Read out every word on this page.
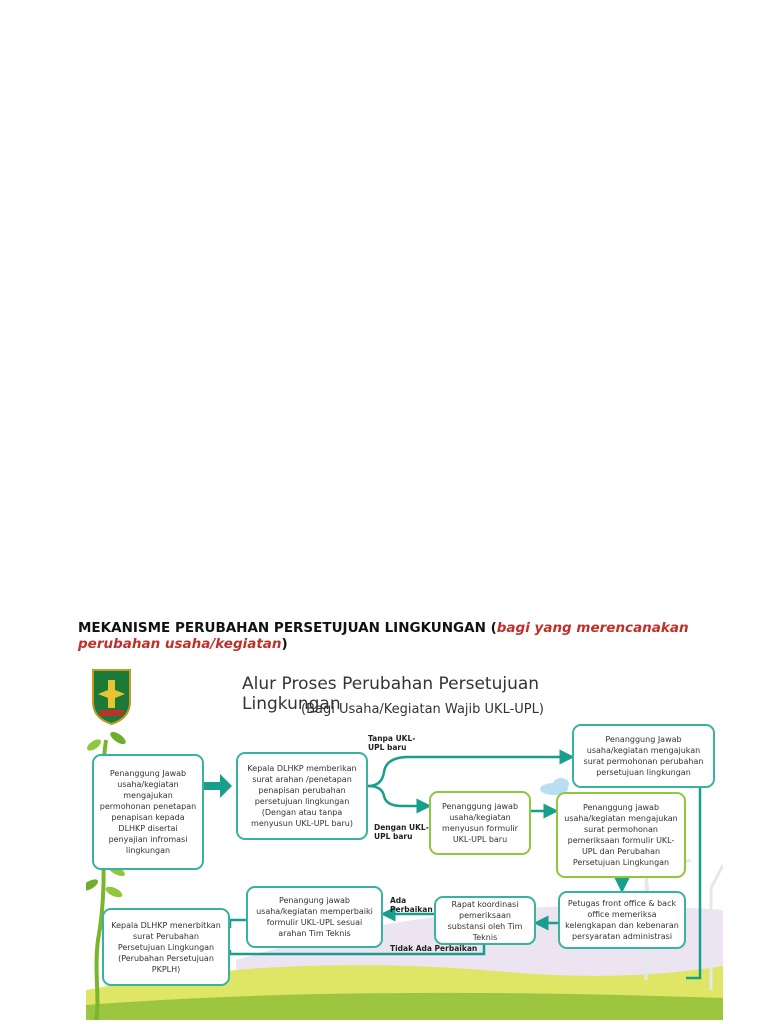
MEKANISME PERUBAHAN PERSETUJUAN LINGKUNGAN (bagi yang merencanakan perubahan usaha/kegiatan)
Alur Proses Perubahan Persetujuan Lingkungan
(Bagi Usaha/Kegiatan Wajib UKL-UPL)
Penanggung Jawab usaha/kegiatan mengajukan permohonan penetapan penapisan kepada DLHKP disertai penyajian infromasi lingkungan
Kepala DLHKP memberikan surat arahan /penetapan penapisan perubahan persetujuan lingkungan (Dengan atau tanpa menyusun UKL-UPL baru)
Penanggung Jawab usaha/kegiatan mengajukan surat permohonan perubahan persetujuan lingkungan
Penanggung jawab usaha/kegiatan menyusun formulir UKL-UPL baru
Penanggung jawab usaha/kegiatan mengajukan surat permohonan pemeriksaan formulir UKL-UPL dan Perubahan Persetujuan Lingkungan
Petugas front office & back office memeriksa kelengkapan dan kebenaran persyaratan administrasi
Rapat koordinasi pemeriksaan substansi oleh Tim Teknis
Penangung jawab usaha/kegiatan memperbaiki formulir UKL-UPL sesuai arahan Tim Teknis
Kepala DLHKP menerbitkan surat Perubahan Persetujuan Lingkungan (Perubahan Persetujuan PKPLH)
Tanpa UKL-UPL baru
Dengan UKL-UPL baru
Ada Perbaikan
Tidak Ada Perbaikan
